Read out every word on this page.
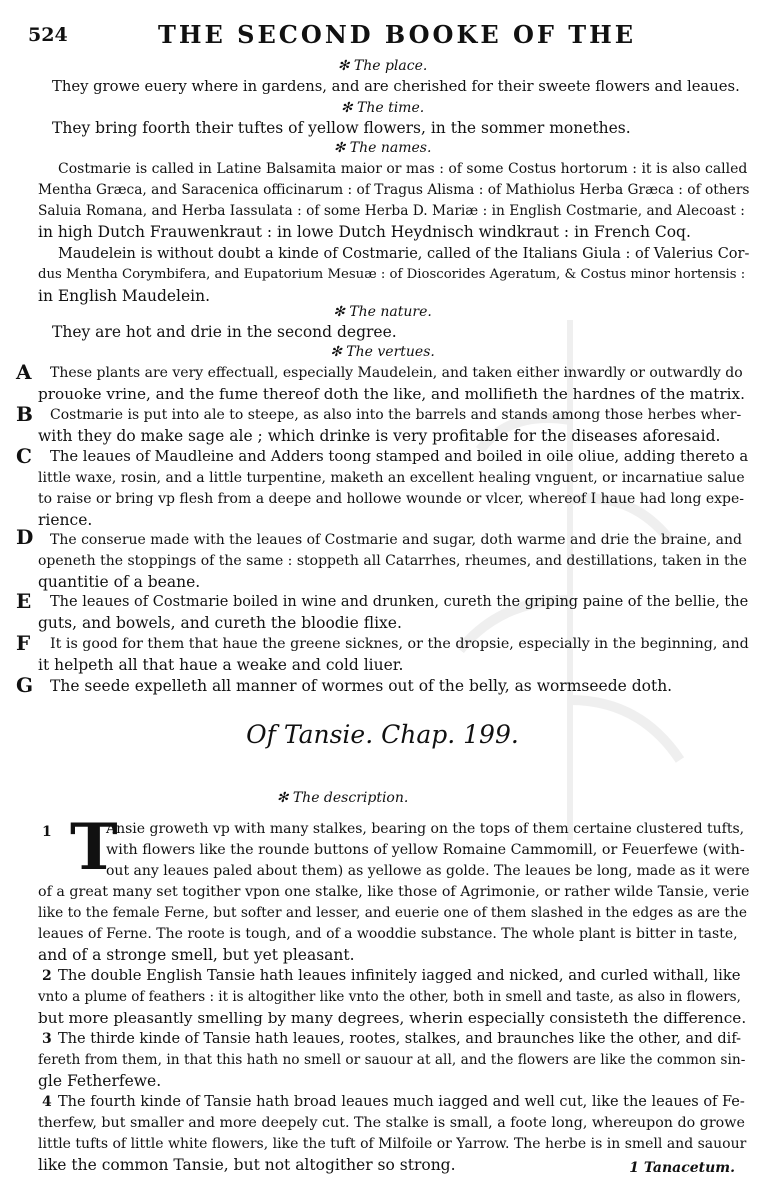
524	THE SECOND BOOKE OF THE
✻ The place.
They growe euery where in gardens, and are cherished for their sweete flowers and leaues.
✻ The time.
They bring foorth their tuftes of yellow flowers, in the sommer monethes.
✻ The names.
Costmarie is called in Latine Balsamita maior or mas : of some Costus hortorum : it is also called
Mentha Græca, and Saracenica officinarum : of Tragus Alisma : of Mathiolus Herba Græca : of others
Saluia Romana, and Herba Iassulata : of some Herba D. Mariæ : in English Costmarie, and Alecoast :
in high Dutch Frauwenkraut : in lowe Dutch Heydnisch windkraut : in French Coq.
Maudelein is without doubt a kinde of Costmarie, called of the Italians Giula : of Valerius Cor-
dus Mentha Corymbifera, and Eupatorium Mesuæ : of Dioscorides Ageratum, & Costus minor hortensis :
in English Maudelein.
✻ The nature.
They are hot and drie in the second degree.
✻ The vertues.
A These plants are very effectuall, especially Maudelein, and taken either inwardly or outwardly do
prouoke vrine, and the fume thereof doth the like, and mollifieth the hardnes of the matrix.
B Costmarie is put into ale to steepe, as also into the barrels and stands among those herbes wher-
with they do make sage ale ; which drinke is very profitable for the diseases aforesaid.
C The leaues of Maudleine and Adders toong stamped and boiled in oile oliue, adding thereto a
little waxe, rosin, and a little turpentine, maketh an excellent healing vnguent, or incarnatiue salue
to raise or bring vp flesh from a deepe and hollowe wounde or vlcer, whereof I haue had long expe-
rience.
D The conserue made with the leaues of Costmarie and sugar, doth warme and drie the braine, and
openeth the stoppings of the same : stoppeth all Catarrhes, rheumes, and destillations, taken in the
quantitie of a beane.
E The leaues of Costmarie boiled in wine and drunken, cureth the griping paine of the bellie, the
guts, and bowels, and cureth the bloodie flixe.
F It is good for them that haue the greene sicknes, or the dropsie, especially in the beginning, and
it helpeth all that haue a weake and cold liuer.
G The seede expelleth all manner of wormes out of the belly, as wormseede doth.
Of Tansie. Chap. 199.
✻ The description.
T
1	Ansie groweth vp with many stalkes, bearing on the tops of them certaine clustered tufts,
with flowers like the rounde buttons of yellow Romaine Cammomill, or Feuerfewe (with-
out any leaues paled about them) as yellowe as golde. The leaues be long, made as it were
of a great many set togither vpon one stalke, like those of Agrimonie, or rather wilde Tansie, verie
like to the female Ferne, but softer and lesser, and euerie one of them slashed in the edges as are the
leaues of Ferne. The roote is tough, and of a wooddie substance. The whole plant is bitter in taste,
and of a stronge smell, but yet pleasant.
2 The double English Tansie hath leaues infinitely iagged and nicked, and curled withall, like
vnto a plume of feathers : it is altogither like vnto the other, both in smell and taste, as also in flowers,
but more pleasantly smelling by many degrees, wherin especially consisteth the difference.
3 The thirde kinde of Tansie hath leaues, rootes, stalkes, and braunches like the other, and dif-
fereth from them, in that this hath no smell or sauour at all, and the flowers are like the common sin-
gle Fetherfewe.
4 The fourth kinde of Tansie hath broad leaues much iagged and well cut, like the leaues of Fe-
therfew, but smaller and more deepely cut. The stalke is small, a foote long, whereupon do growe
little tufts of little white flowers, like the tuft of Milfoile or Yarrow. The herbe is in smell and sauour
like the common Tansie, but not altogither so strong.	1 Tanacetum.
